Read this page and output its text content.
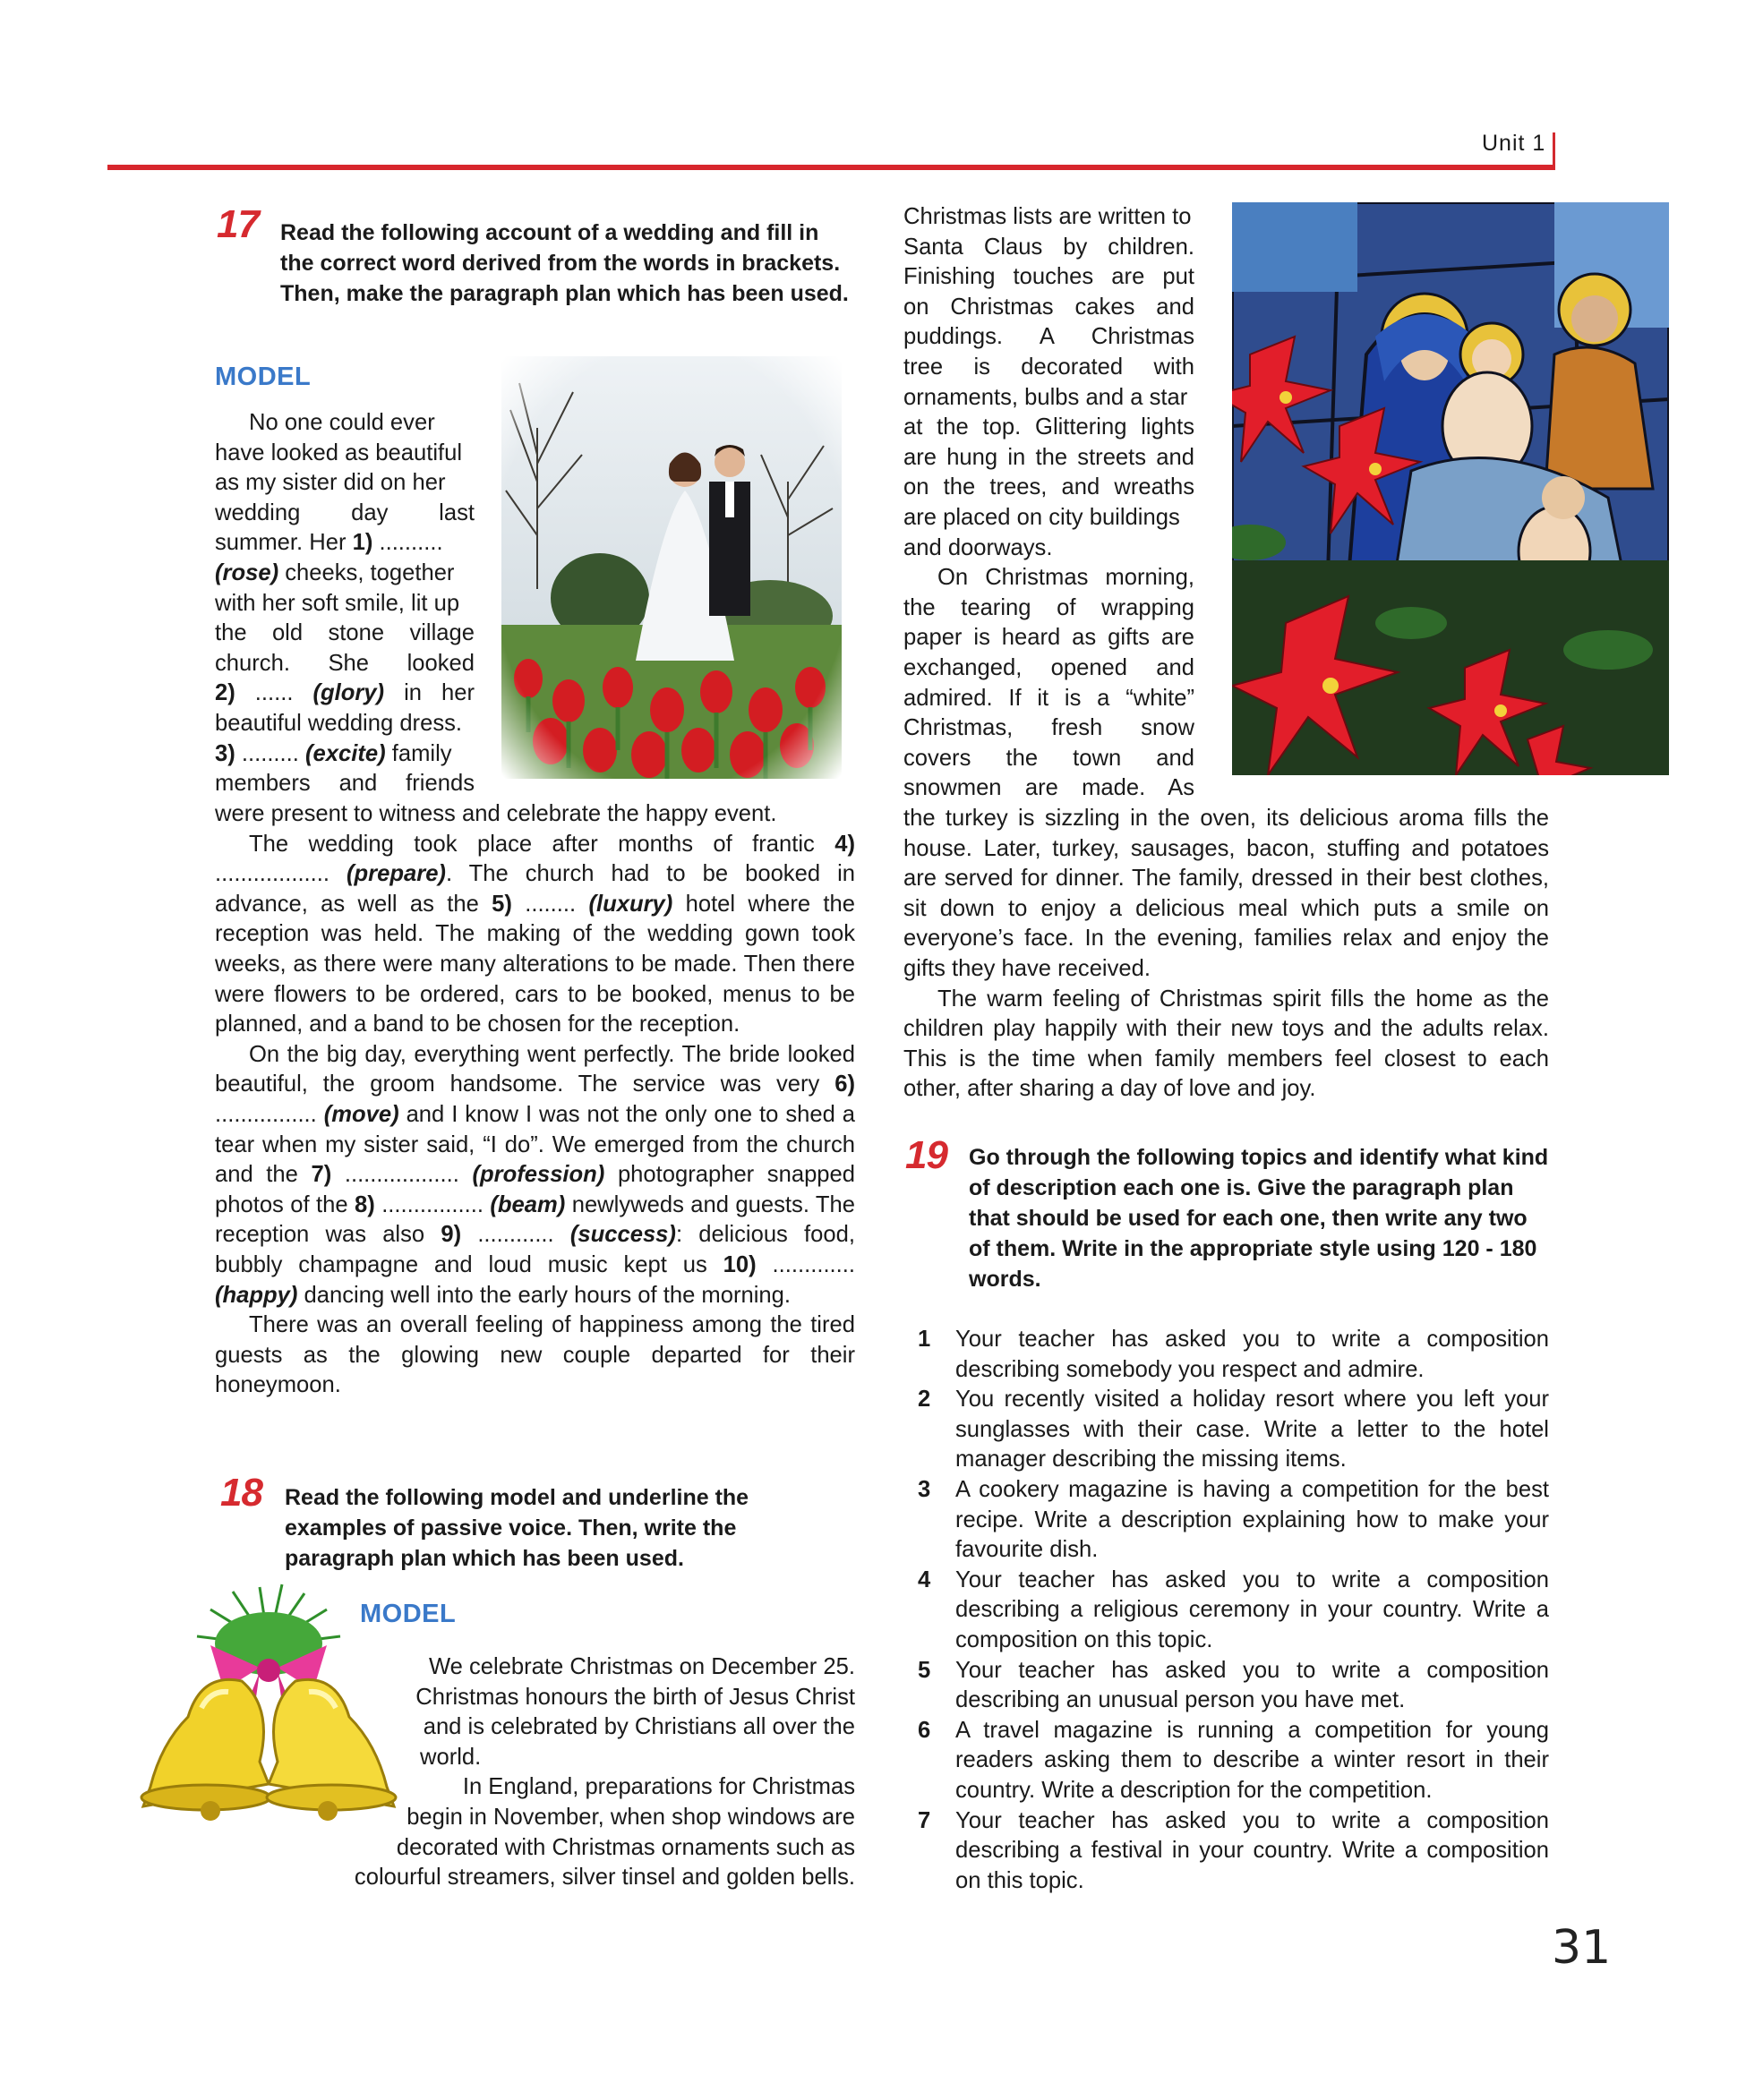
Unit 1
17 Read the following account of a wedding and fill in the correct word derived from the words in brackets. Then, make the paragraph plan which has been used.
MODEL

No one could ever

have looked as beautiful

as my sister did on her

wedding day last

summer. Her 1) ..........

(rose) cheeks, together

with her soft smile, lit up

the old stone village

church. She looked

2) ...... (glory) in her

beautiful wedding dress.

3) ......... (excite) family

members and friends

were present to witness and celebrate the happy event.

The wedding took place after months of frantic 4) .................. (prepare). The church had to be booked in advance, as well as the 5) ........ (luxury) hotel where the reception was held. The making of the wedding gown took weeks, as there were many alterations to be made. Then there were flowers to be ordered, cars to be booked, menus to be planned, and a band to be chosen for the reception.

On the big day, everything went perfectly. The bride looked beautiful, the groom handsome. The service was very 6) ................ (move) and I know I was not the only one to shed a tear when my sister said, “I do”. We emerged from the church and the 7) .................. (profession) photographer snapped photos of the 8) ................ (beam) newlyweds and guests. The reception was also 9) ............ (success): delicious food, bubbly champagne and loud music kept us 10) ............. (happy) dancing well into the early hours of the morning.

There was an overall feeling of happiness among the tired guests as the glowing new couple departed for their honeymoon.

18 Read the following model and underline the examples of passive voice. Then, write the paragraph plan which has been used.
MODEL

We celebrate Christmas on December 25.

Christmas honours the birth of Jesus Christ

and is celebrated by Christians all over the

world.

In England, preparations for Christmas

begin in November, when shop windows are

decorated with Christmas ornaments such as

colourful streamers, silver tinsel and golden bells.

Christmas lists are written to

Santa Claus by children.

Finishing touches are put

on Christmas cakes and

puddings. A Christmas

tree is decorated with

ornaments, bulbs and a star

at the top. Glittering lights

are hung in the streets and

on the trees, and wreaths

are placed on city buildings

and doorways.

On Christmas morning,

the tearing of wrapping

paper is heard as gifts are

exchanged, opened and

admired. If it is a “white”

Christmas, fresh snow

covers the town and

snowmen are made. As

the turkey is sizzling in the oven, its delicious aroma fills the house. Later, turkey, sausages, bacon, stuffing and potatoes are served for dinner. The family, dressed in their best clothes, sit down to enjoy a delicious meal which puts a smile on everyone’s face. In the evening, families relax and enjoy the gifts they have received.

The warm feeling of Christmas spirit fills the home as the children play happily with their new toys and the adults relax. This is the time when family members feel closest to each other, after sharing a day of love and joy.

19 Go through the following topics and identify what kind of description each one is. Give the paragraph plan that should be used for each one, then write any two of them. Write in the appropriate style using 120 - 180 words.
1 Your teacher has asked you to write a composition describing somebody you respect and admire.
2 You recently visited a holiday resort where you left your sunglasses with their case. Write a letter to the hotel manager describing the missing items.
3 A cookery magazine is having a competition for the best recipe. Write a description explaining how to make your favourite dish.
4 Your teacher has asked you to write a composition describing a religious ceremony in your country. Write a composition on this topic.
5 Your teacher has asked you to write a composition describing an unusual person you have met.
6 A travel magazine is running a competition for young readers asking them to describe a winter resort in their country. Write a description for the competition.
7 Your teacher has asked you to write a composition describing a festival in your country. Write a composition on this topic.
31
